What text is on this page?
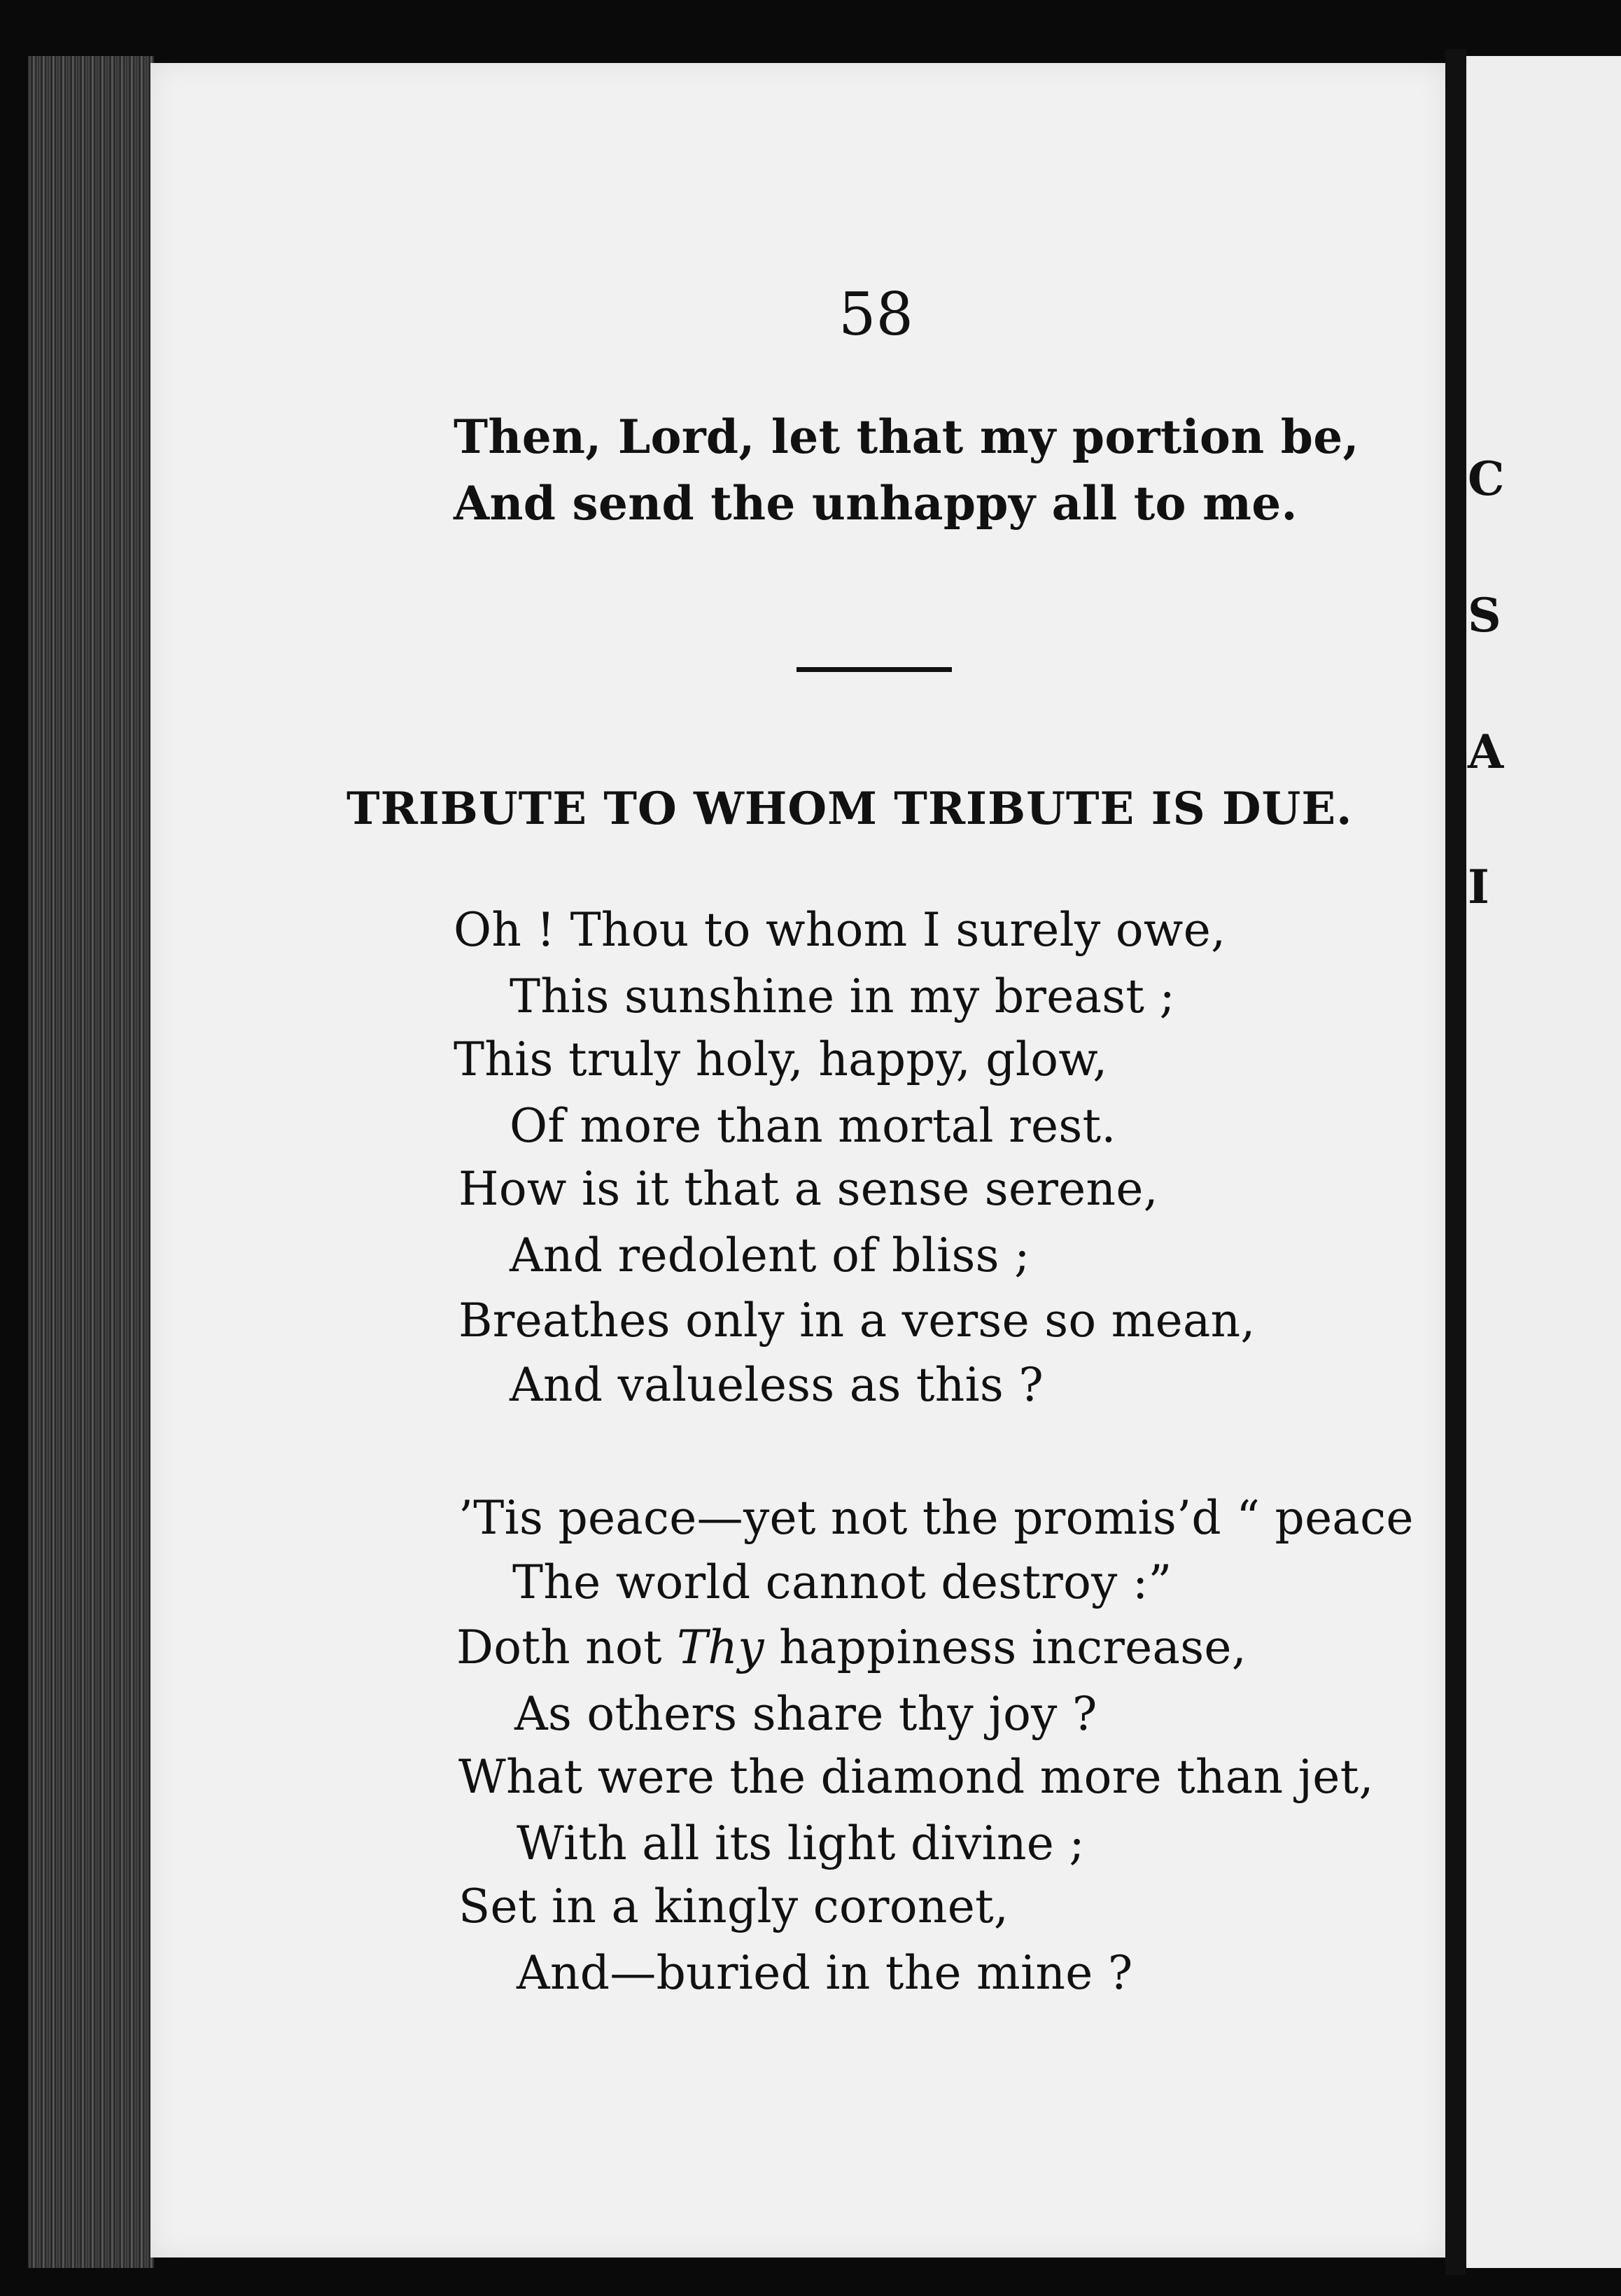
C
S
A
I
58
Then, Lord, let that my portion be,
And send the unhappy all to me.
TRIBUTE TO WHOM TRIBUTE IS DUE.
Oh ! Thou to whom I surely owe,
This sunshine in my breast ;
This truly holy, happy, glow,
Of more than mortal rest.
How is it that a sense serene,
And redolent of bliss ;
Breathes only in a verse so mean,
And valueless as this ?
’Tis peace—yet not the promis’d “ peace
The world cannot destroy :”
Doth not Thy happiness increase,
As others share thy joy ?
What were the diamond more than jet,
With all its light divine ;
Set in a kingly coronet,
And—buried in the mine ?
